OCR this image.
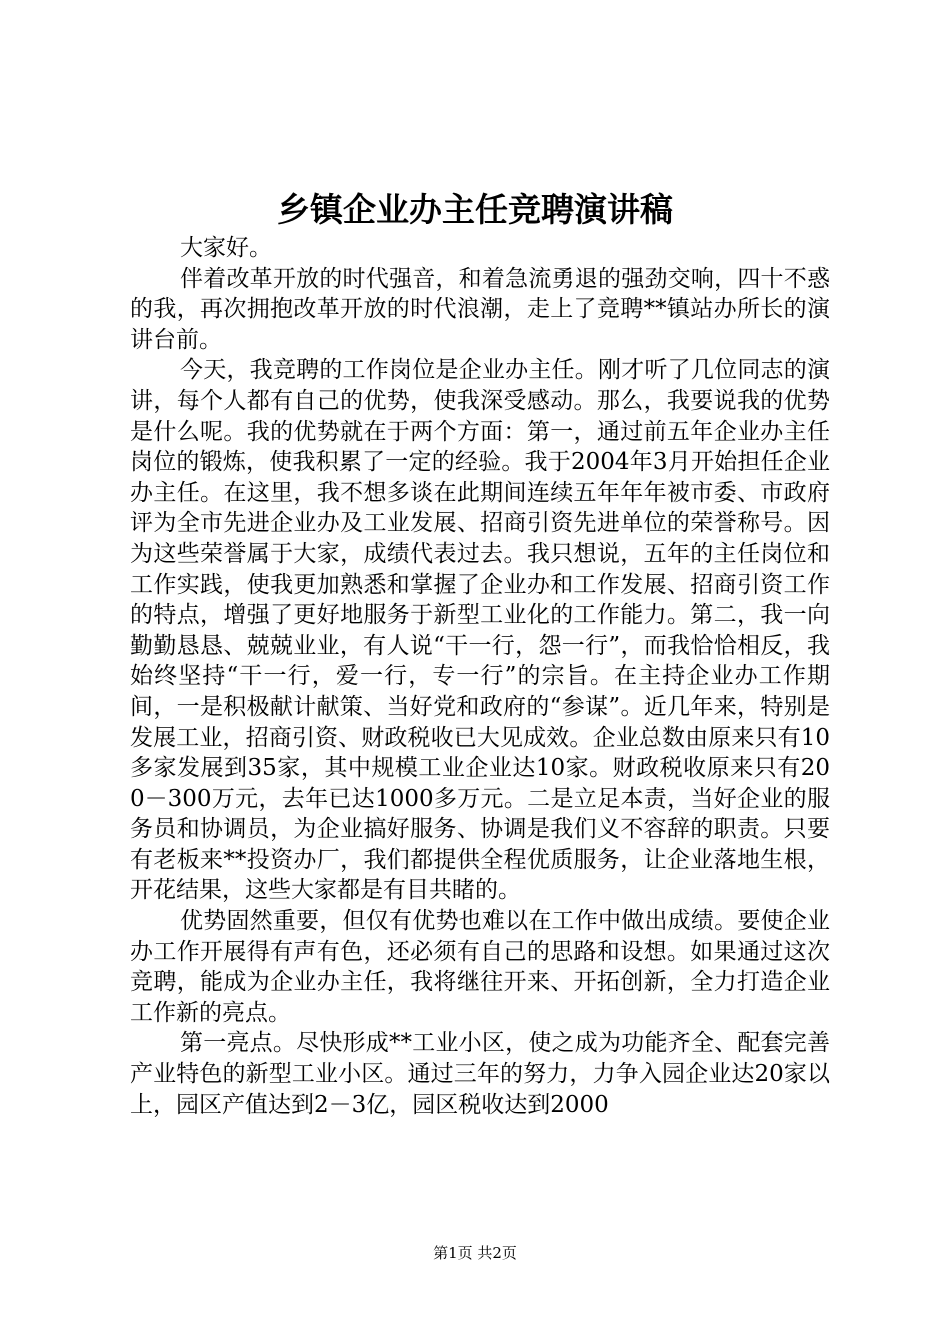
乡镇企业办主任竞聘演讲稿

大家好。

伴着改革开放的时代强音，和着急流勇退的强劲交响，四十不惑的我，再次拥抱改革开放的时代浪潮，走上了竞聘**镇站办所长的演讲台前。

今天，我竞聘的工作岗位是企业办主任。刚才听了几位同志的演讲，每个人都有自己的优势，使我深受感动。那么，我要说我的优势是什么呢。我的优势就在于两个方面：第一，通过前五年企业办主任岗位的锻炼，使我积累了一定的经验。我于2004年3月开始担任企业办主任。在这里，我不想多谈在此期间连续五年年年被市委、市政府评为全市先进企业办及工业发展、招商引资先进单位的荣誉称号。因为这些荣誉属于大家，成绩代表过去。我只想说，五年的主任岗位和工作实践，使我更加熟悉和掌握了企业办和工作发展、招商引资工作的特点，增强了更好地服务于新型工业化的工作能力。第二，我一向勤勤恳恳、兢兢业业，有人说“干一行，怨一行”，而我恰恰相反，我始终坚持“干一行，爱一行，专一行”的宗旨。在主持企业办工作期间，一是积极献计献策、当好党和政府的“参谋”。近几年来，特别是发展工业，招商引资、财政税收已大见成效。企业总数由原来只有10多家发展到35家，其中规模工业企业达10家。财政税收原来只有200－300万元，去年已达1000多万元。二是立足本责，当好企业的服务员和协调员，为企业搞好服务、协调是我们义不容辞的职责。只要有老板来**投资办厂，我们都提供全程优质服务，让企业落地生根，开花结果，这些大家都是有目共睹的。

优势固然重要，但仅有优势也难以在工作中做出成绩。要使企业办工作开展得有声有色，还必须有自己的思路和设想。如果通过这次竞聘，能成为企业办主任，我将继往开来、开拓创新，全力打造企业工作新的亮点。

第一亮点。尽快形成**工业小区，使之成为功能齐全、配套完善产业特色的新型工业小区。通过三年的努力，力争入园企业达20家以上，园区产值达到2－3亿，园区税收达到2000

第1页 共2页
